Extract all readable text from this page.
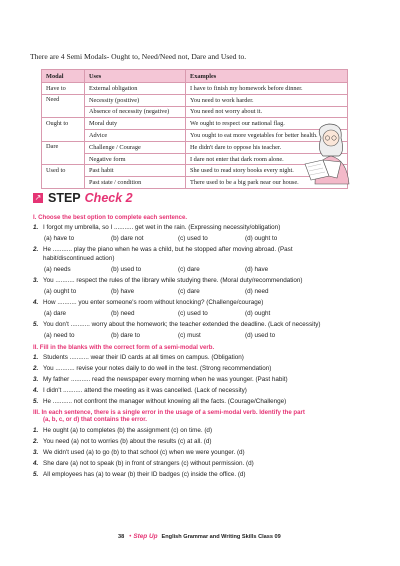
There are 4 Semi Modals- Ought to, Need/Need not, Dare and Used to.
Modal	Uses	Examples
Have to	External obligation	I have to finish my homework before dinner.
Need	Necessity (positive)	You need to work harder.
	Absence of necessity (negative)	You need not worry about it.
Ought to	Moral duty	We ought to respect our national flag.
	Advice	You ought to eat more vegetables for better health.
Dare	Challenge / Courage	He didn't dare to oppose his teacher.
	Negative form	I dare not enter that dark room alone.
Used to	Past habit	She used to read story books every night.
	Past state / condition	There used to be a big park near our house.
↗ STEP Check 2
I. Choose the best option to complete each sentence.
1. I forgot my umbrella, so I ........... get wet in the rain. (Expressing necessity/obligation)
(a) have to	(b) dare not	(c) used to	(d) ought to
2. He ........... play the piano when he was a child, but he stopped after moving abroad. (Past
habit/discontinued action)
(a) needs	(b) used to	(c) dare	(d) have
3. You ........... respect the rules of the library while studying there. (Moral duty/recommendation)
(a) ought to	(b) have	(c) dare	(d) need
4. How ........... you enter someone's room without knocking? (Challenge/courage)
(a) dare	(b) need	(c) used to	(d) ought
5. You don't ........... worry about the homework; the teacher extended the deadline. (Lack of necessity)
(a) need to	(b) dare to	(c) must	(d) used to
II. Fill in the blanks with the correct form of a semi-modal verb.
1. Students ........... wear their ID cards at all times on campus. (Obligation)
2. You ........... revise your notes daily to do well in the test. (Strong recommendation)
3. My father ........... read the newspaper every morning when he was younger. (Past habit)
4. I didn't ........... attend the meeting as it was cancelled. (Lack of necessity)
5. He ........... not confront the manager without knowing all the facts. (Courage/Challenge)
III. In each sentence, there is a single error in the usage of a semi-modal verb. Identify the part
(a, b, c, or d) that contains the error.
1. He ought (a) to completes (b) the assignment (c) on time. (d)
2. You need (a) not to worries (b) about the results (c) at all. (d)
3. We didn't used (a) to go (b) to that school (c) when we were younger. (d)
4. She dare (a) not to speak (b) in front of strangers (c) without permission. (d)
5. All employees has (a) to wear (b) their ID badges (c) inside the office. (d)
38 • Step Up English Grammar and Writing Skills Class 09
